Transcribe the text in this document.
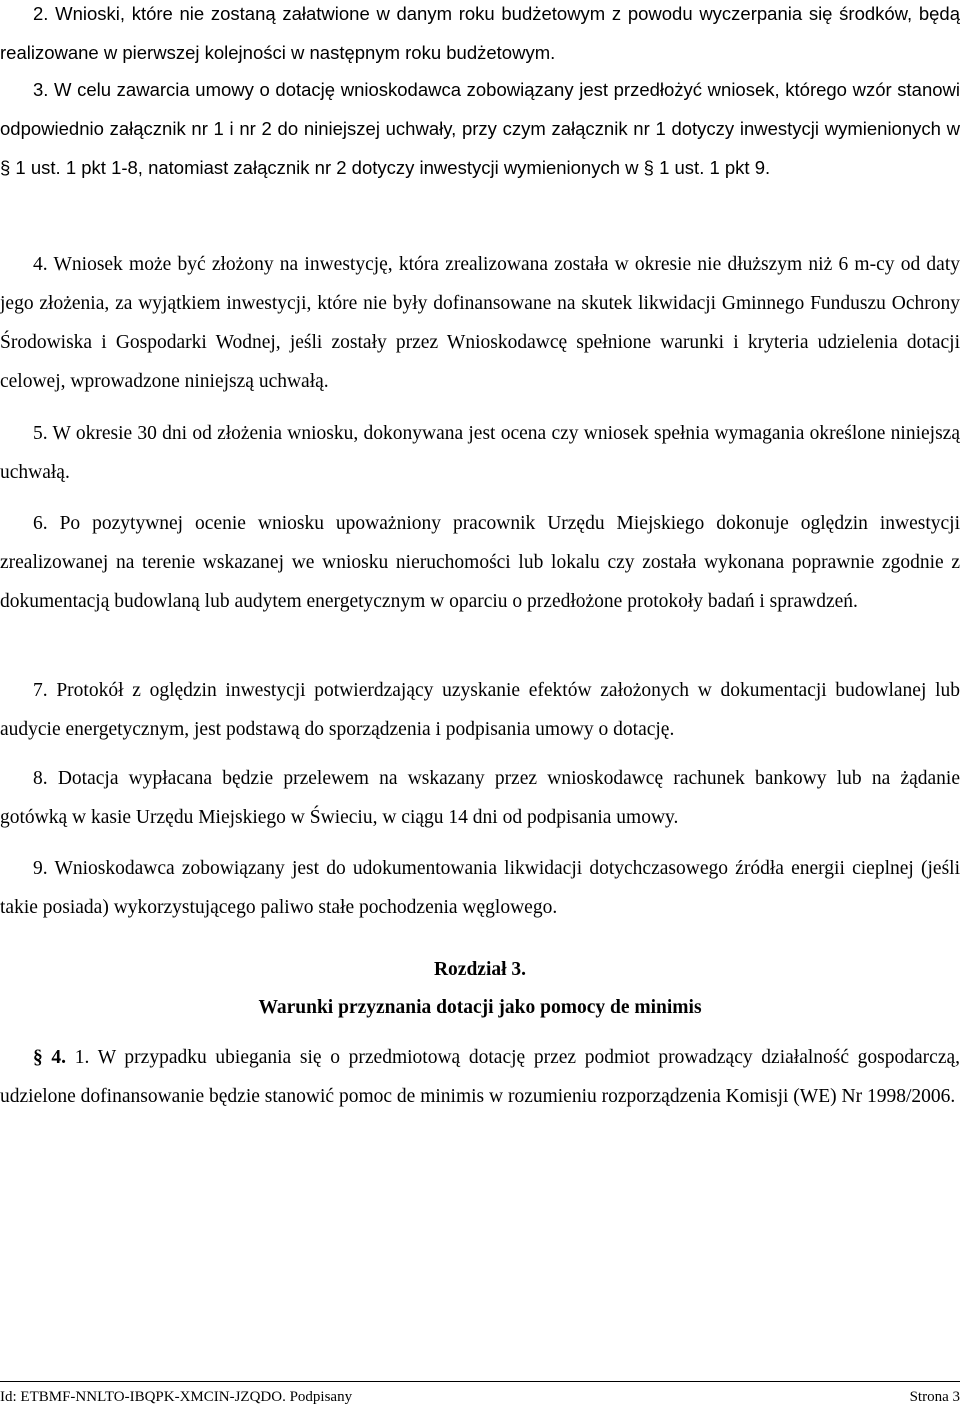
2. Wnioski, które nie zostaną załatwione w danym roku budżetowym z powodu wyczerpania się środków, będą realizowane w pierwszej kolejności w następnym roku budżetowym.

3. W celu zawarcia umowy o dotację wnioskodawca zobowiązany jest przedłożyć wniosek, którego wzór stanowi odpowiednio załącznik nr 1 i nr 2 do niniejszej uchwały, przy czym załącznik nr 1 dotyczy inwestycji wymienionych w § 1 ust. 1 pkt 1-8, natomiast załącznik nr 2 dotyczy inwestycji wymienionych w § 1 ust. 1 pkt 9.

4. Wniosek może być złożony na inwestycję, która zrealizowana została w okresie nie dłuższym niż 6 m-cy od daty jego złożenia, za wyjątkiem inwestycji, które nie były dofinansowane na skutek likwidacji Gminnego Funduszu Ochrony Środowiska i Gospodarki Wodnej, jeśli zostały przez Wnioskodawcę spełnione warunki i kryteria udzielenia dotacji celowej, wprowadzone niniejszą uchwałą.

5. W okresie 30 dni od złożenia wniosku, dokonywana jest ocena czy wniosek spełnia wymagania określone niniejszą uchwałą.

6. Po pozytywnej ocenie wniosku upoważniony pracownik Urzędu Miejskiego dokonuje oględzin inwestycji zrealizowanej na terenie wskazanej we wniosku nieruchomości lub lokalu czy została wykonana poprawnie zgodnie z dokumentacją budowlaną lub audytem energetycznym w oparciu o przedłożone protokoły badań i sprawdzeń.

7. Protokół z oględzin inwestycji potwierdzający uzyskanie efektów założonych w dokumentacji budowlanej lub audycie energetycznym, jest podstawą do sporządzenia i podpisania umowy o dotację.

8. Dotacja wypłacana będzie przelewem na wskazany przez wnioskodawcę rachunek bankowy lub na żądanie gotówką w kasie Urzędu Miejskiego w Świeciu, w ciągu 14 dni od podpisania umowy.

9. Wnioskodawca zobowiązany jest do udokumentowania likwidacji dotychczasowego źródła energii cieplnej (jeśli takie posiada) wykorzystującego paliwo stałe pochodzenia węglowego.

Rozdział 3.
Warunki przyznania dotacji jako pomocy de minimis

§ 4. 1. W przypadku ubiegania się o przedmiotową dotację przez podmiot prowadzący działalność gospodarczą, udzielone dofinansowanie będzie stanowić pomoc de minimis w rozumieniu rozporządzenia Komisji (WE) Nr 1998/2006.

Id: ETBMF-NNLTO-IBQPK-XMCIN-JZQDO. Podpisany	Strona 3
